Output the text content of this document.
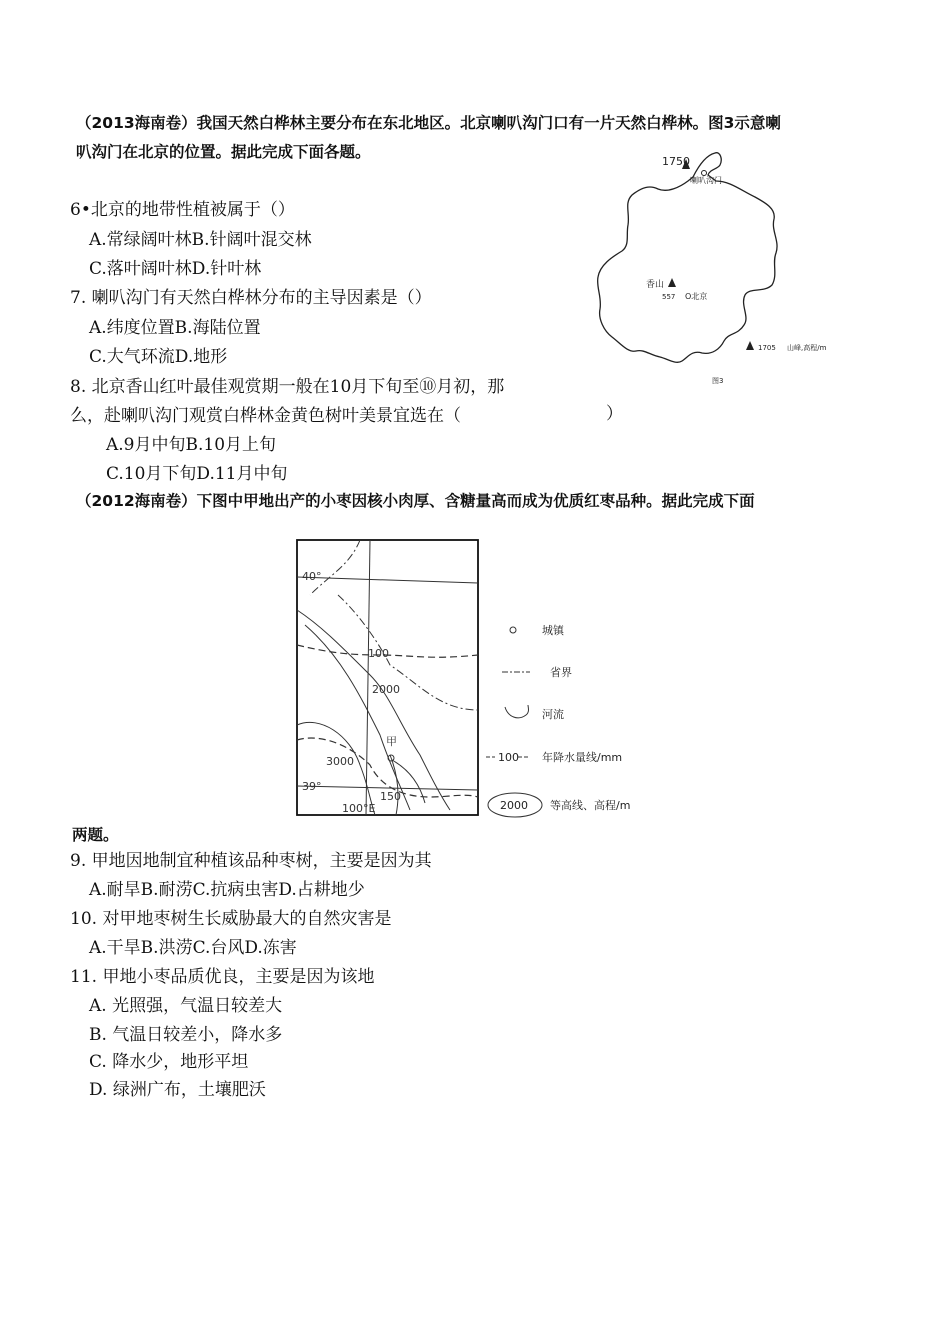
（2013海南卷）我国天然白桦林主要分布在东北地区。北京喇叭沟门口有一片天然白桦林。图3示意喇
叭沟门在北京的位置。据此完成下面各题。
6•北京的地带性植被属于（）
A.常绿阔叶林B.针阔叶混交林
C.落叶阔叶林D.针叶林
7. 喇叭沟门有天然白桦林分布的主导因素是（）
A.纬度位置B.海陆位置
C.大气环流D.地形
8. 北京香山红叶最佳观赏期一般在10月下旬至⑩月初，那
么，赴喇叭沟门观赏白桦林金黄色树叶美景宜选在（	）
A.9月中旬B.10月上旬
C.10月下旬D.11月中旬
（2012海南卷）下图中甲地出产的小枣因核小肉厚、含糖量高而成为优质红枣品种。据此完成下面
两题。
1750
喇叭沟门
香山
557 O北京
1705 山峰,高程/m
图3
40°
39°
100°E
100
150
2000
3000
甲
城镇
省界
河流
100 年降水量线/mm
2000 等高线、高程/m
9. 甲地因地制宜种植该品种枣树，主要是因为其
A.耐旱B.耐涝C.抗病虫害D.占耕地少
10. 对甲地枣树生长威胁最大的自然灾害是
A.干旱B.洪涝C.台风D.冻害
11. 甲地小枣品质优良，主要是因为该地
A. 光照强，气温日较差大
B. 气温日较差小，降水多
C. 降水少，地形平坦
D. 绿洲广布，土壤肥沃
